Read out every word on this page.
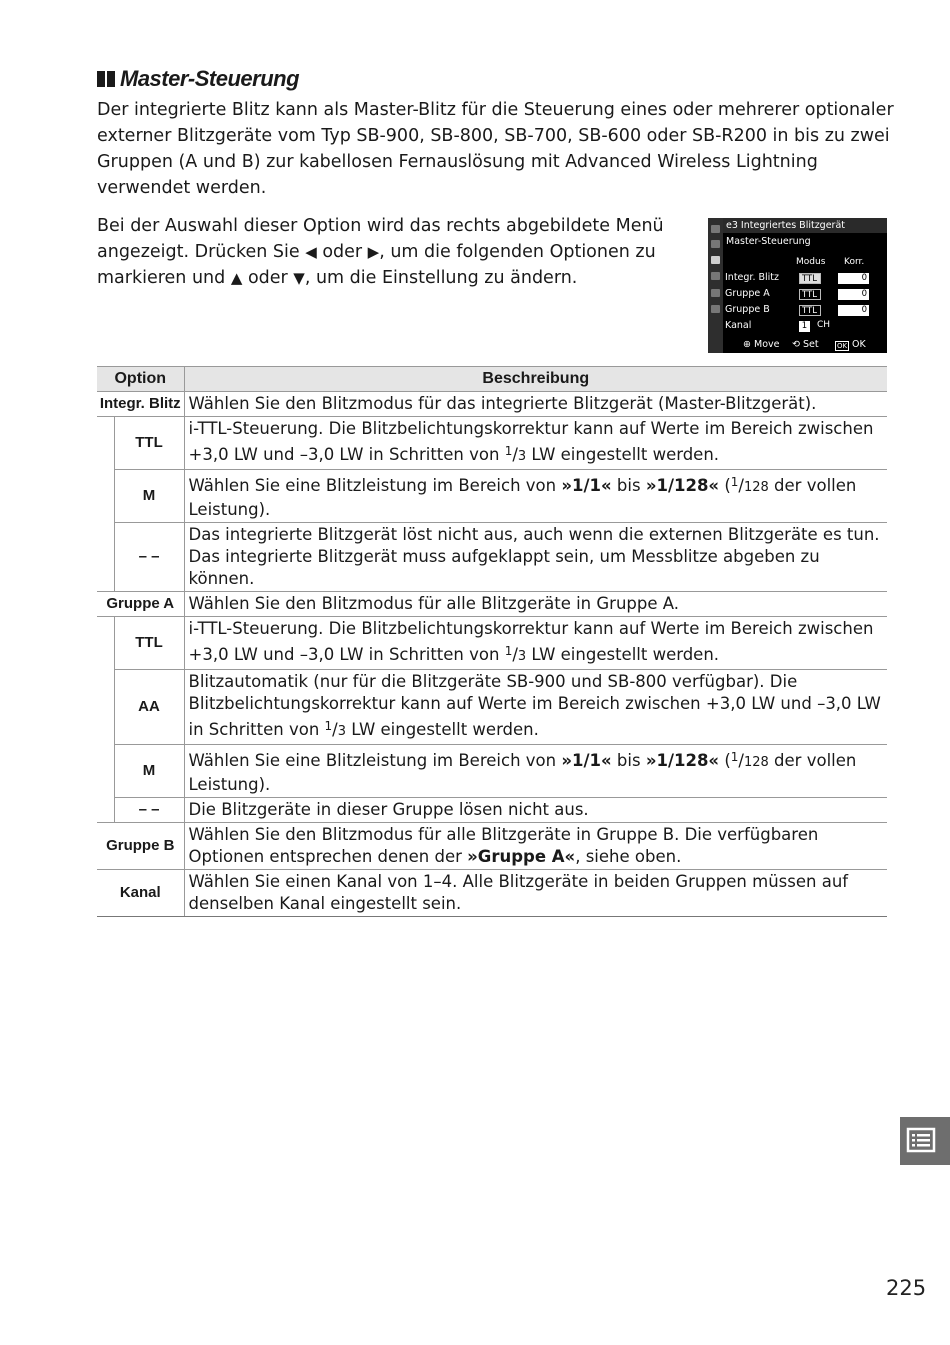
Master-Steuerung

Der integrierte Blitz kann als Master-Blitz für die Steuerung eines oder mehrerer optionaler externer Blitzgeräte vom Typ SB-900, SB-800, SB-700, SB-600 oder SB-R200 in bis zu zwei Gruppen (A und B) zur kabellosen Fernauslösung mit Advanced Wireless Lightning verwendet werden.

Bei der Auswahl dieser Option wird das rechts abgebildete Menü angezeigt. Drücken Sie ◀ oder ▶, um die folgenden Optionen zu markieren und ▲ oder ▼, um die Einstellung zu ändern.

e3 Integriertes Blitzgerät
Master-Steuerung
Modus Korr.
Integr. Blitz	TTL	0
Gruppe A	TTL	0
Gruppe B	TTL	0
Kanal	1	CH
⊕ Move ⟲ Set	OK OK
Option		Beschreibung
Integr. Blitz		Wählen Sie den Blitzmodus für das integrierte Blitzgerät (Master-Blitzgerät).
	TTL	i-TTL-Steuerung. Die Blitzbelichtungskorrektur kann auf Werte im Bereich zwischen +3,0 LW und –3,0 LW in Schritten von $^1$/3 LW eingestellt werden.
	M	Wählen Sie eine Blitzleistung im Bereich von »1/1« bis »1/128« ($^1$/128 der vollen Leistung).
	– –	Das integrierte Blitzgerät löst nicht aus, auch wenn die externen Blitzgeräte es tun. Das integrierte Blitzgerät muss aufgeklappt sein, um Messblitze abgeben zu können.
Gruppe A		Wählen Sie den Blitzmodus für alle Blitzgeräte in Gruppe A.
	TTL	i-TTL-Steuerung. Die Blitzbelichtungskorrektur kann auf Werte im Bereich zwischen +3,0 LW und –3,0 LW in Schritten von $^1$/3 LW eingestellt werden.
	AA	Blitzautomatik (nur für die Blitzgeräte SB-900 und SB-800 verfügbar). Die Blitzbelichtungskorrektur kann auf Werte im Bereich zwischen +3,0 LW und –3,0 LW in Schritten von $^1$/3 LW eingestellt werden.
	M	Wählen Sie eine Blitzleistung im Bereich von »1/1« bis »1/128« ($^1$/128 der vollen Leistung).
	– –	Die Blitzgeräte in dieser Gruppe lösen nicht aus.
Gruppe B		Wählen Sie den Blitzmodus für alle Blitzgeräte in Gruppe B. Die verfügbaren Optionen entsprechen denen der »Gruppe A«, siehe oben.
Kanal		Wählen Sie einen Kanal von 1–4. Alle Blitzgeräte in beiden Gruppen müssen auf denselben Kanal eingestellt sein.
225
